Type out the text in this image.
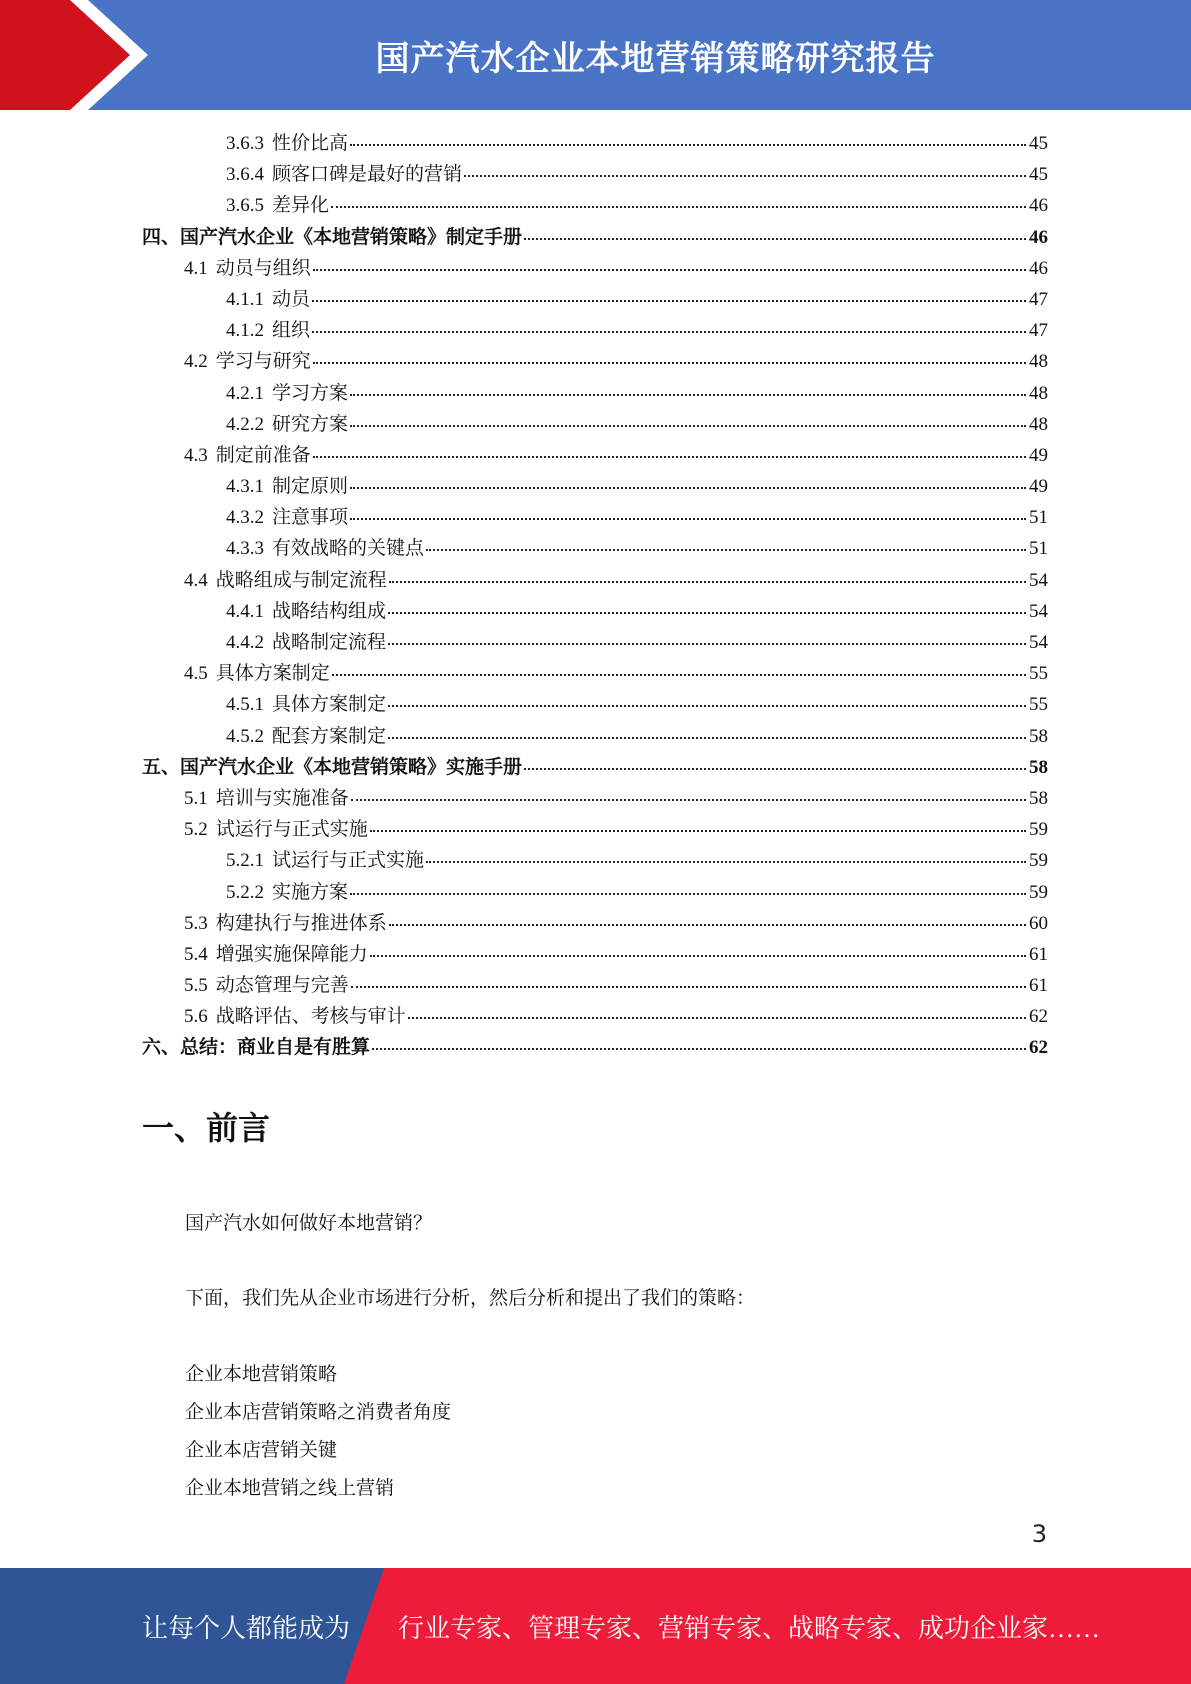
国产汽水企业本地营销策略研究报告
3.6.3 性价比高	45
3.6.4 顾客口碑是最好的营销	45
3.6.5 差异化	46
四、国产汽水企业《本地营销策略》制定手册	46
4.1 动员与组织	46
4.1.1 动员	47
4.1.2 组织	47
4.2 学习与研究	48
4.2.1 学习方案	48
4.2.2 研究方案	48
4.3 制定前准备	49
4.3.1 制定原则	49
4.3.2 注意事项	51
4.3.3 有效战略的关键点	51
4.4 战略组成与制定流程	54
4.4.1 战略结构组成	54
4.4.2 战略制定流程	54
4.5 具体方案制定	55
4.5.1 具体方案制定	55
4.5.2 配套方案制定	58
五、国产汽水企业《本地营销策略》实施手册	58
5.1 培训与实施准备	58
5.2 试运行与正式实施	59
5.2.1 试运行与正式实施	59
5.2.2 实施方案	59
5.3 构建执行与推进体系	60
5.4 增强实施保障能力	61
5.5 动态管理与完善	61
5.6 战略评估、考核与审计	62
六、总结：商业自是有胜算	62
一、前言
国产汽水如何做好本地营销？
下面，我们先从企业市场进行分析，然后分析和提出了我们的策略：
企业本地营销策略
企业本店营销策略之消费者角度
企业本店营销关键
企业本地营销之线上营销
3
让每个人都能成为 行业专家、管理专家、营销专家、战略专家、成功企业家……
